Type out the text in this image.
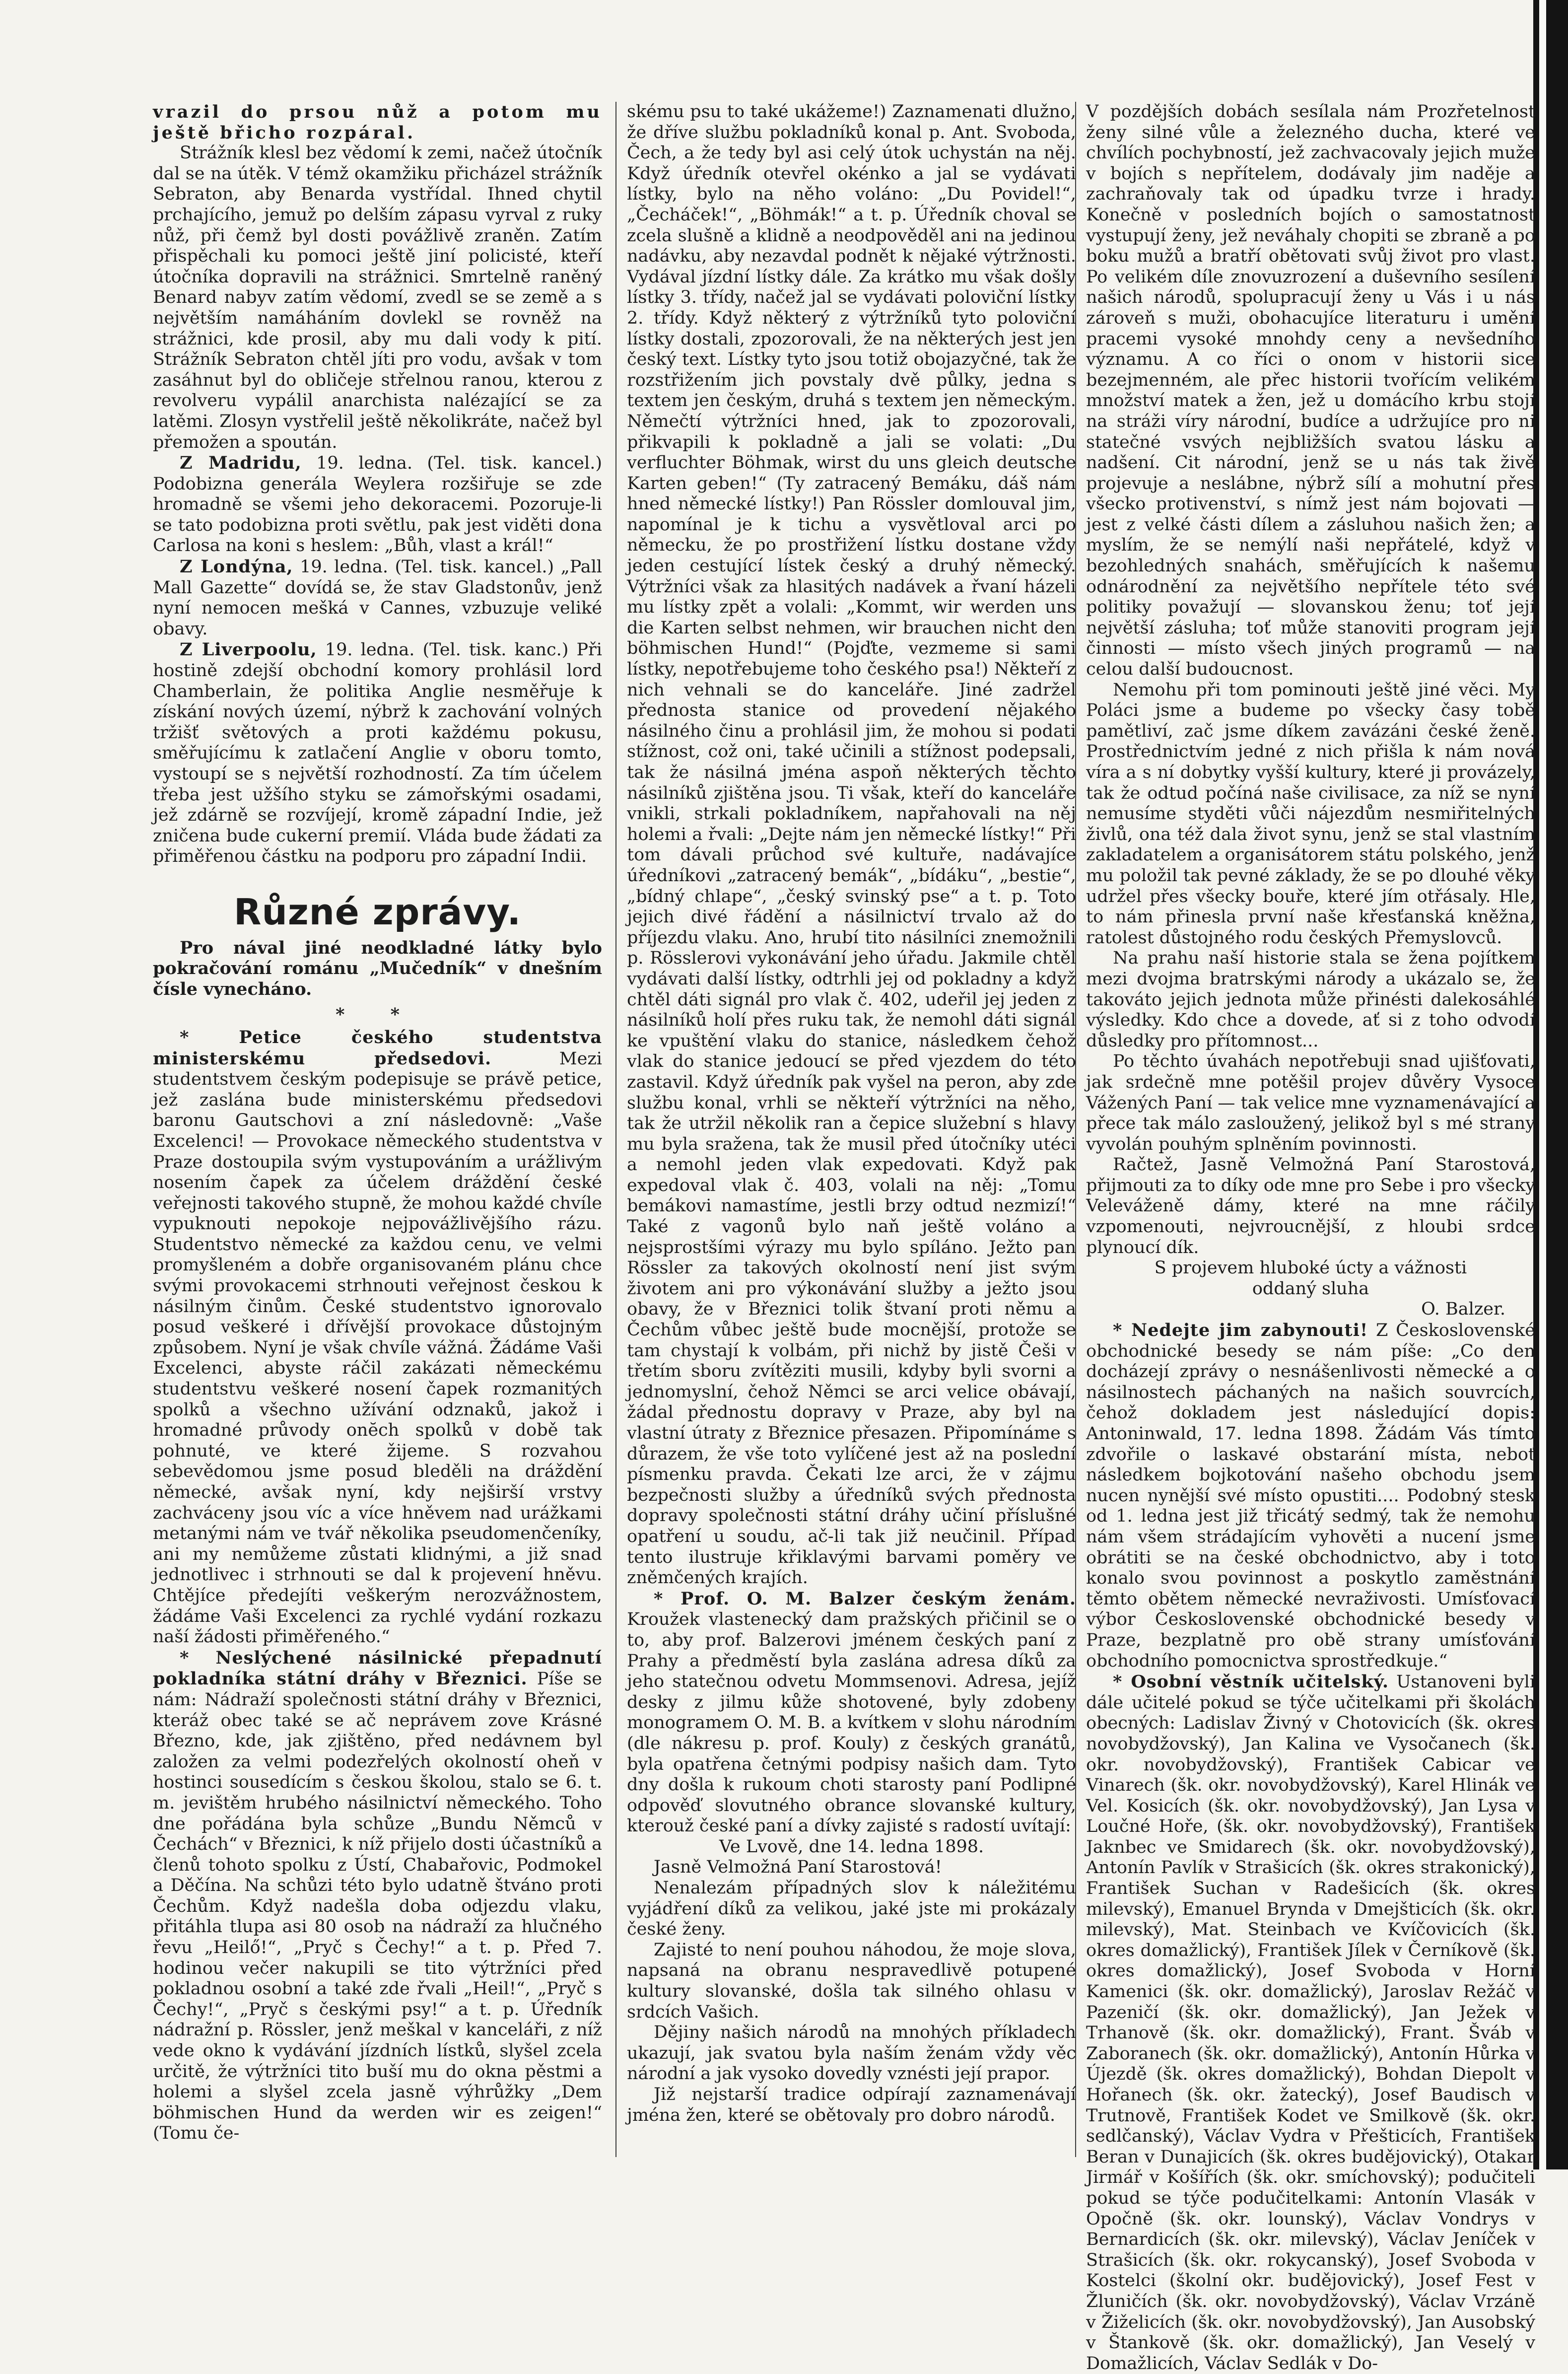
vrazil do prsou nůž a potom mu ještě břicho rozpáral.

Strážník klesl bez vědomí k zemi, načež útočník dal se na útěk. V témž okamžiku přicházel strážník Sebraton, aby Benarda vystřídal. Ihned chytil prchajícího, jemuž po delším zápasu vyrval z ruky nůž, při čemž byl dosti povážlivě zraněn. Zatím přispěchali ku pomoci ještě jiní policisté, kteří útočníka dopravili na strážnici. Smrtelně raněný Benard nabyv zatím vědomí, zvedl se se země a s největším namáháním dovlekl se rovněž na strážnici, kde prosil, aby mu dali vody k pití. Strážník Sebraton chtěl jíti pro vodu, avšak v tom zasáhnut byl do obličeje střelnou ranou, kterou z revolveru vypálil anarchista nalézající se za latěmi. Zlosyn vystřelil ještě několikráte, načež byl přemožen a spoután.

Z Madridu, 19. ledna. (Tel. tisk. kancel.) Podobizna generála Weylera rozšiřuje se zde hromadně se všemi jeho dekoracemi. Pozoruje-li se tato podobizna proti světlu, pak jest viděti dona Carlosa na koni s heslem: „Bůh, vlast a král!“

Z Londýna, 19. ledna. (Tel. tisk. kancel.) „Pall Mall Gazette“ dovídá se, že stav Gladstonův, jenž nyní nemocen mešká v Cannes, vzbuzuje veliké obavy.

Z Liverpoolu, 19. ledna. (Tel. tisk. kanc.) Při hostině zdejší obchodní komory prohlásil lord Chamberlain, že politika Anglie nesměřuje k získání nových území, nýbrž k zachování volných tržišť světových a proti každému pokusu, směřujícímu k zatlačení Anglie v oboru tomto, vystoupí se s největší rozhodností. Za tím účelem třeba jest užšího styku se zámořskými osadami, jež zdárně se rozvíjejí, kromě západní Indie, jež zničena bude cukerní premií. Vláda bude žádati za přiměřenou částku na podporu pro západní Indii.

Různé zprávy.

Pro nával jiné neodkladné látky bylo pokračování románu „Mučedník“ v dnešním čísle vynecháno.

* *

* Petice českého studentstva ministerskému předsedovi.	Mezi studentstvem českým podepisuje se právě petice, jež zaslána bude ministerskému předsedovi baronu Gautschovi a zní následovně: „Vaše Excelenci! — Provokace německého studentstva v Praze dostoupila svým vystupováním a urážlivým nosením čapek za účelem dráždění české veřejnosti takového stupně, že mohou každé chvíle vypuknouti nepokoje nejpovážlivějšího rázu. Studentstvo německé za každou cenu, ve velmi promyšleném a dobře organisovaném plánu chce svými provokacemi strhnouti veřejnost českou k násilným činům. České studentstvo ignorovalo posud veškeré i dřívější provokace důstojným způsobem. Nyní je však chvíle vážná. Žádáme Vaši Excelenci, abyste ráčil zakázati německému studentstvu veškeré nosení čapek rozmanitých spolků a všechno užívání odznaků, jakož i hromadné průvody onĕch spolků v době tak pohnuté, ve které žijeme. S rozvahou sebevědomou jsme posud bleděli na dráždění německé, avšak nyní, kdy nejširší vrstvy zachváceny jsou víc a více hněvem nad urážkami metanými nám ve tvář několika pseudomenčeníky, ani my nemůžeme zůstati klidnými, a již snad jednotlivec i strhnouti se dal k projevení hněvu. Chtějíce předejíti veškerým nerozvážnostem, žádáme Vaši Excelenci za rychlé vydání rozkazu naší žádosti přiměřeného.“

* Neslýchené násilnické přepadnutí pokladníka státní dráhy v Březnici. Píše se nám: Nádraží společnosti státní dráhy v Březnici, kteráž obec také se ač neprávem zove Krásné Březno, kde, jak zjištěno, před nedávnem byl založen za velmi podezřelých okolností oheň v hostinci sousedícím s českou školou, stalo se 6. t. m. jevištěm hrubého násilnictví německého. Toho dne pořádána byla schůze „Bundu Němců v Čechách“ v Březnici, k níž přijelo dosti účastníků a členů tohoto spolku z Ústí, Chabařovic, Podmokel a Děčína. Na schůzi této bylo udatně štváno proti Čechům. Když nadešla doba odjezdu vlaku, přitáhla tlupa asi 80 osob na nádraží za hlučného řevu „Heilő!“, „Pryč s Čechy!“ a t. p. Před 7. hodinou večer nakupili se tito výtržníci před pokladnou osobní a také zde řvali „Heil!“, „Pryč s Čechy!“, „Pryč s českými psy!“ a t. p. Úředník nádražní p. Rössler, jenž meškal v kanceláři, z níž vede okno k vydávání jízdních lístků, slyšel zcela určitě, že výtržníci tito buší mu do okna pěstmi a holemi a slyšel zcela jasně výhrůžky „Dem böhmischen Hund da werden wir es zeigen!“ (Tomu če-

skému psu to také ukážeme!) Zaznamenati dlužno, že dříve službu pokladníků konal p. Ant. Svoboda, Čech, a že tedy byl asi celý útok uchystán na něj. Když úředník otevřel okénko a jal se vydávati lístky, bylo na něho voláno: „Du Povidel!“, „Čecháček!“, „Böhmák!“ a t. p. Úředník choval se zcela slušně a klidně a neodpověděl ani na jedinou nadávku, aby nezavdal podnět k nějaké výtržnosti. Vydával jízdní lístky dále. Za krátko mu však došly lístky 3. třídy, načež jal se vydávati poloviční lístky 2. třídy. Když některý z výtržníků tyto poloviční lístky dostali, zpozorovali, že na některých jest jen český text. Lístky tyto jsou totiž obojazyčné, tak že rozstřižením jich povstaly dvě půlky, jedna s textem jen českým, druhá s textem jen německým. Němečtí výtržníci hned, jak to zpozorovali, přikvapili k pokladně a jali se volati: „Du verfluchter Böhmak, wirst du uns gleich deutsche Karten geben!“ (Ty zatracený Bemáku, dáš nám hned německé lístky!) Pan Rössler domlouval jim, napomínal je k tichu a vysvětloval arci po německu, že po prostřižení lístku dostane vždy jeden cestující lístek český a druhý německý. Výtržníci však za hlasitých nadávek a řvaní házeli mu lístky zpět a volali: „Kommt, wir werden uns die Karten selbst nehmen, wir brauchen nicht den böhmischen Hund!“ (Pojďte, vezmeme si sami lístky, nepotřebujeme toho českého psa!) Někteří z nich vehnali se do kanceláře. Jiné zadržel přednosta stanice od provedení nějakého násilného činu a prohlásil jim, že mohou si podati stížnost, což oni, také učinili a stížnost podepsali, tak že násilná jména aspoň některých těchto násilníků zjištěna jsou. Ti však, kteří do kanceláře vnikli, strkali pokladníkem, napřahovali na něj holemi a řvali: „Dejte nám jen německé lístky!“ Při tom dávali průchod své kultuře, nadávajíce úředníkovi „zatracený bemák“, „bídáku“, „bestie“, „bídný chlape“, „český svinský pse“ a t. p. Toto jejich divé řádění a násilnictví trvalo až do příjezdu vlaku. Ano, hrubí tito násilníci znemožnili p. Rösslerovi vykonávání jeho úřadu. Jakmile chtěl vydávati další lístky, odtrhli jej od pokladny a když chtěl dáti signál pro vlak č. 402, udeřil jej jeden z násilníků holí přes ruku tak, že nemohl dáti signál ke vpuštění vlaku do stanice, následkem čehož vlak do stanice jedoucí se před vjezdem do této zastavil. Když úředník pak vyšel na peron, aby zde službu konal, vrhli se někteří výtržníci na něho, tak že utržil několik ran a čepice služební s hlavy mu byla sražena, tak že musil před útočníky utéci a nemohl jeden vlak expedovati. Když pak expedoval vlak č. 403, volali na něj: „Tomu bemákovi namastíme, jestli brzy odtud nezmizí!“ Také z vagonů bylo naň ještě voláno a nejsprostšími výrazy mu bylo spíláno. Ježto pan Rössler za takových okolností není jist svým životem ani pro výkonávání služby a ježto jsou obavy, že v Březnici tolik štvaní proti němu a Čechům vůbec ještě bude mocnější, protože se tam chystají k volbám, při nichž by jistě Češi v třetím sboru zvítěziti musili, kdyby byli svorni a jednomyslní, čehož Němci se arci velice obávají, žádal přednostu dopravy v Praze, aby byl na vlastní útraty z Březnice přesazen. Připomínáme s důrazem, že vše toto vylíčené jest až na poslední písmenku pravda. Čekati lze arci, že v zájmu bezpečnosti služby a úředníků svých přednosta dopravy společnosti státní dráhy učiní příslušné opatření u soudu, ač-li tak již neučinil. Případ tento ilustruje křiklavými barvami poměry ve zněmčených krajích.

* Prof. O. M. Balzer českým ženám. Kroužek vlastenecký dam pražských přičinil se o to, aby prof. Balzerovi jménem českých paní z Prahy a předměstí byla zaslána adresa díků za jeho statečnou odvetu Mommsenovi. Adresa, jejíž desky z jilmu kůže shotovené, byly zdobeny monogramem O. M. B. a kvítkem v slohu národním (dle nákresu p. prof. Kouly) z českých granátů, byla opatřena četnými podpisy našich dam. Tyto dny došla k rukoum choti starosty paní Podlipné odpověď slovutného obrance slovanské kultury, kterouž české paní a dívky zajisté s radostí uvítají:

Ve Lvově, dne 14. ledna 1898.

Jasně Velmožná Paní Starostová!

Nenalezám případných slov k náležitému vyjádření díků za velikou, jaké jste mi prokázaly české ženy.

Zajisté to není pouhou náhodou, že moje slova, napsaná na obranu nespravedlivě potupené kultury slovanské, došla tak silného ohlasu v srdcích Vašich.

Dějiny našich národů na mnohých příkladech ukazují, jak svatou byla naším ženám vždy věc národní a jak vysoko dovedly vznésti její prapor.

Již nejstarší tradice odpírají zaznamenávají jména žen, které se obětovaly pro dobro národů.

V pozdějších dobách sesílala nám Prozřetelnost ženy silné vůle a železného ducha, které ve chvílích pochybností, jež zachvacovaly jejich muže v bojích s nepřítelem, dodávaly jim naděje a zachraňovaly tak od úpadku tvrze i hrady. Konečně v posledních bojích o samostatnost vystupují ženy, jež neváhaly chopiti se zbraně a po boku mužů a bratří obětovati svůj život pro vlast. Po velikém díle znovuzrození a duševního sesílení našich národů, spolupracují ženy u Vás i u nás zároveň s muži, obohacujíce literaturu i umění pracemi vysoké mnohdy ceny a nevšedního významu. A co říci o onom v historii sice bezejmenném, ale přec historii tvořícím velikém množství matek a žen, jež u domácího krbu stojí na stráži víry národní, budíce a udržujíce pro ni statečné vsvých nejbližších svatou lásku a nadšení. Cit národní, jenž se u nás tak živě projevuje a neslábne, nýbrž sílí a mohutní přes všecko protivenství, s nímž jest nám bojovati — jest z velké části dílem a zásluhou našich žen; a myslím, že se nemýlí naši nepřátelé, když v bezohledných snahách, směřujících k našemu odnárodnění za největšího nepřítele této své politiky považují — slovanskou ženu; toť její největší zásluha; toť může stanoviti program její činnosti — místo všech jiných programů — na celou další budoucnost.

Nemohu při tom pominouti ještě jiné věci. My Poláci jsme a budeme po všecky časy tobě pamětliví, zač jsme díkem zavázáni české ženě. Prostřednictvím jedné z nich přišla k nám nová víra a s ní dobytky vyšší kultury, které ji provázely, tak že odtud počíná naše civilisace, za níž se nyní nemusíme styděti vůči nájezdům nesmiřitelných živlů, ona též dala život synu, jenž se stal vlastním zakladatelem a organisátorem státu polského, jenž mu položil tak pevné základy, že se po dlouhé věky udržel přes všecky bouře, které jím otřásaly. Hle, to nám přinesla první naše křesťanská kněžna, ratolest důstojného rodu českých Přemyslovců.

Na prahu naší historie stala se žena pojítkem mezi dvojma bratrskými národy a ukázalo se, že takováto jejich jednota může přinésti dalekosáhlé výsledky. Kdo chce a dovede, ať si z toho odvodí důsledky pro přítomnost...

Po těchto úvahách nepotřebuji snad ujišťovati, jak srdečně mne potěšil projev důvěry Vysoce Vážených Paní — tak velice mne vyznamenávající a přece tak málo zasloužený, jelikož byl s mé strany vyvolán pouhým splněním povinnosti.

Račtež, Jasně Velmožná Paní Starostová, přijmouti za to díky ode mne pro Sebe i pro všecky Veleváženě dámy, které na mne ráčily vzpomenouti, nejvroucnější, z hloubi srdce plynoucí dík.

S projevem hluboké úcty a vážnosti

oddaný sluha

O. Balzer.

* Nedejte jim zabynouti! Z Československé obchodnické besedy se nám píše: „Co den docházejí zprávy o nesnášenlivosti německé a o násilnostech páchaných na našich souvrcích, čehož dokladem jest následující dopis: Antoninwald, 17. ledna 1898. Žádám Vás tímto zdvořile o laskavé obstarání místa, neboť následkem bojkotování našeho obchodu jsem nucen nynější své místo opustiti.... Podobný stesk od 1. ledna jest již třicátý sedmý, tak že nemohu nám všem strádajícím vyhověti a nucení jsme obrátiti se na české obchodnictvo, aby i toto konalo svou povinnost a poskytlo zaměstnání těmto obětem německé nevraživosti. Umísťovací výbor Československé obchodnické besedy v Praze, bezplatně pro obě strany umísťování obchodního pomocnictva sprostředkuje.“

* Osobní věstník učitelský. Ustanoveni byli dále učitelé pokud se týče učitelkami při školách obecných: Ladislav Živný v Chotovicích (šk. okres novobydžovský), Jan Kalina ve Vysočanech (šk. okr. novobydžovský), František Cabicar ve Vinarech (šk. okr. novobydžovský), Karel Hlinák ve Vel. Kosicích (šk. okr. novobydžovský), Jan Lysa v Loučné Hoře, (šk. okr. novobydžovský), František Jaknbec ve Smidarech (šk. okr. novobydžovský), Antonín Pavlík v Strašicích (šk. okres strakonický), František Suchan v Radešicích (šk. okres milevský), Emanuel Brynda v Dmejšticích (šk. okr. milevský), Mat. Steinbach ve Kvíčovicích (šk. okres domažlický), František Jílek v Černíkově (šk. okres domažlický), Josef Svoboda v Horní Kamenici (šk. okr. domažlický), Jaroslav Režáč v Pazeničí (šk. okr. domažlický), Jan Ježek v Trhanově (šk. okr. domažlický), Frant. Šváb v Zaboranech (šk. okr. domažlický), Antonín Hůrka v Újezdě (šk. okres domažlický), Bohdan Diepolt v Hořanech (šk. okr. žatecký), Josef Baudisch v Trutnově, František Kodet ve Smilkově (šk. okr. sedlčanský), Václav Vydra v Přešticích, František Beran v Dunajicích (šk. okres budějovický), Otakar Jirmář v Košířích (šk. okr. smíchovský); podučiteli pokud se týče podučitelkami: Antonín Vlasák v Opočně (šk. okr. lounský), Václav Vondrys v Bernardicích (šk. okr. milevský), Václav Jeníček v Strašicích (šk. okr. rokycanský), Josef Svoboda v Kostelci (školní okr. budějovický), Josef Fest v Žluničích (šk. okr. novobydžovský), Václav Vrzáně v Žiželicích (šk. okr. novobydžovský), Jan Ausobský v Štankově (šk. okr. domažlický), Jan Veselý v Domažlicích, Václav Sedlák v Do-
